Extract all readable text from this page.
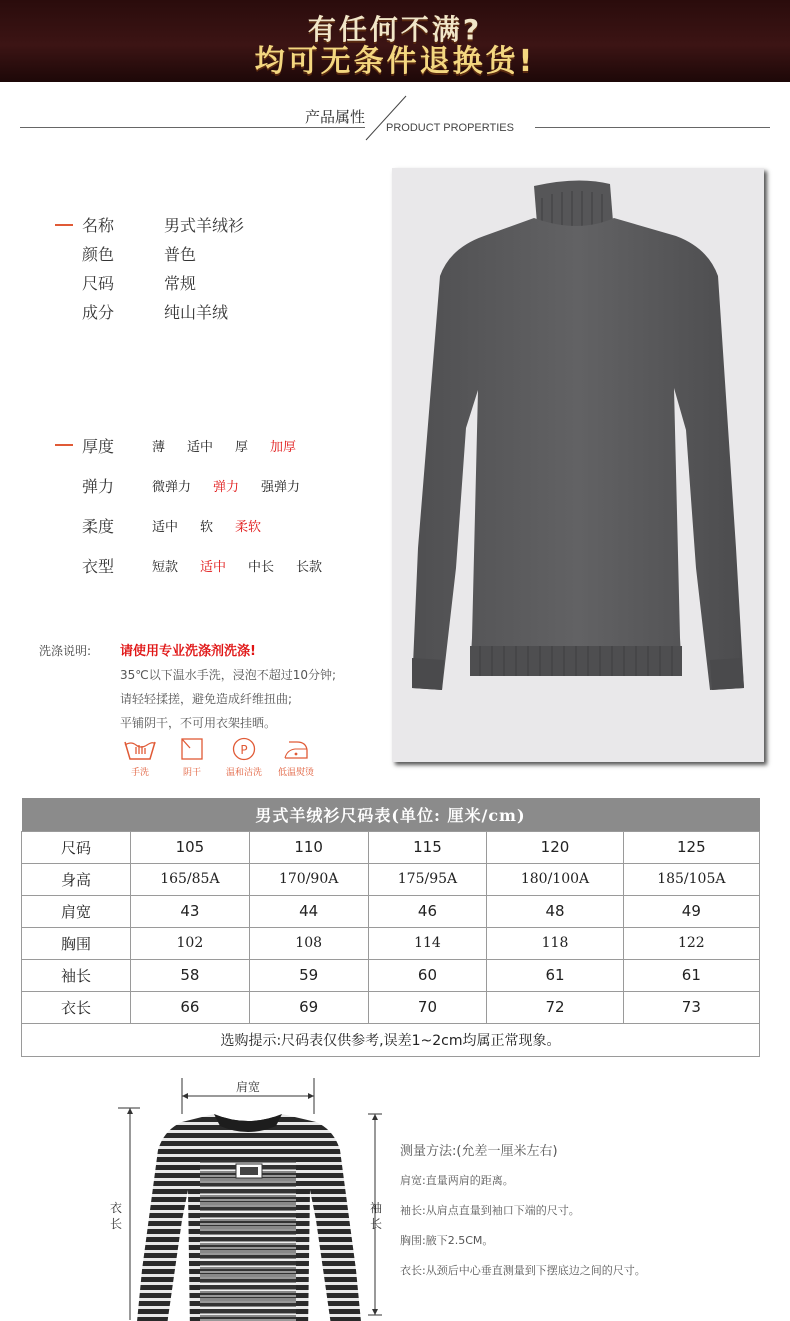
有任何不满?
均可无条件退换货!
产品属性
PRODUCT PROPERTIES
名称	男式羊绒衫
颜色	普色
尺码	常规
成分	纯山羊绒
厚度	薄 适中 厚 加厚
弹力	微弹力 弹力 强弹力
柔度	适中 软 柔软
衣型	短款 适中 中长 长款
洗涤说明:	请使用专业洗涤剂洗涤!
35℃以下温水手洗，浸泡不超过10分钟;
请轻轻揉搓，避免造成纤维扭曲;
平铺阴干，不可用衣架挂晒。
手洗	阴干
P
温和洁洗	低温熨烫
男式羊绒衫尺码表(单位: 厘米/cm)					
尺码	105	110	115	120	125
身高	165/85A	170/90A	175/95A	180/100A	185/105A
肩宽	43	44	46	48	49
胸围	102	108	114	118	122
袖长	58	59	60	61	61
衣长	66	69	70	72	73
选购提示:尺码表仅供参考,误差1~2cm均属正常现象。					
肩宽
衣长
袖长
测量方法:(允差一厘米左右)
肩宽:直量两肩的距离。
袖长:从肩点直量到袖口下端的尺寸。
胸围:腋下2.5CM。
衣长:从颈后中心垂直测量到下摆底边之间的尺寸。
